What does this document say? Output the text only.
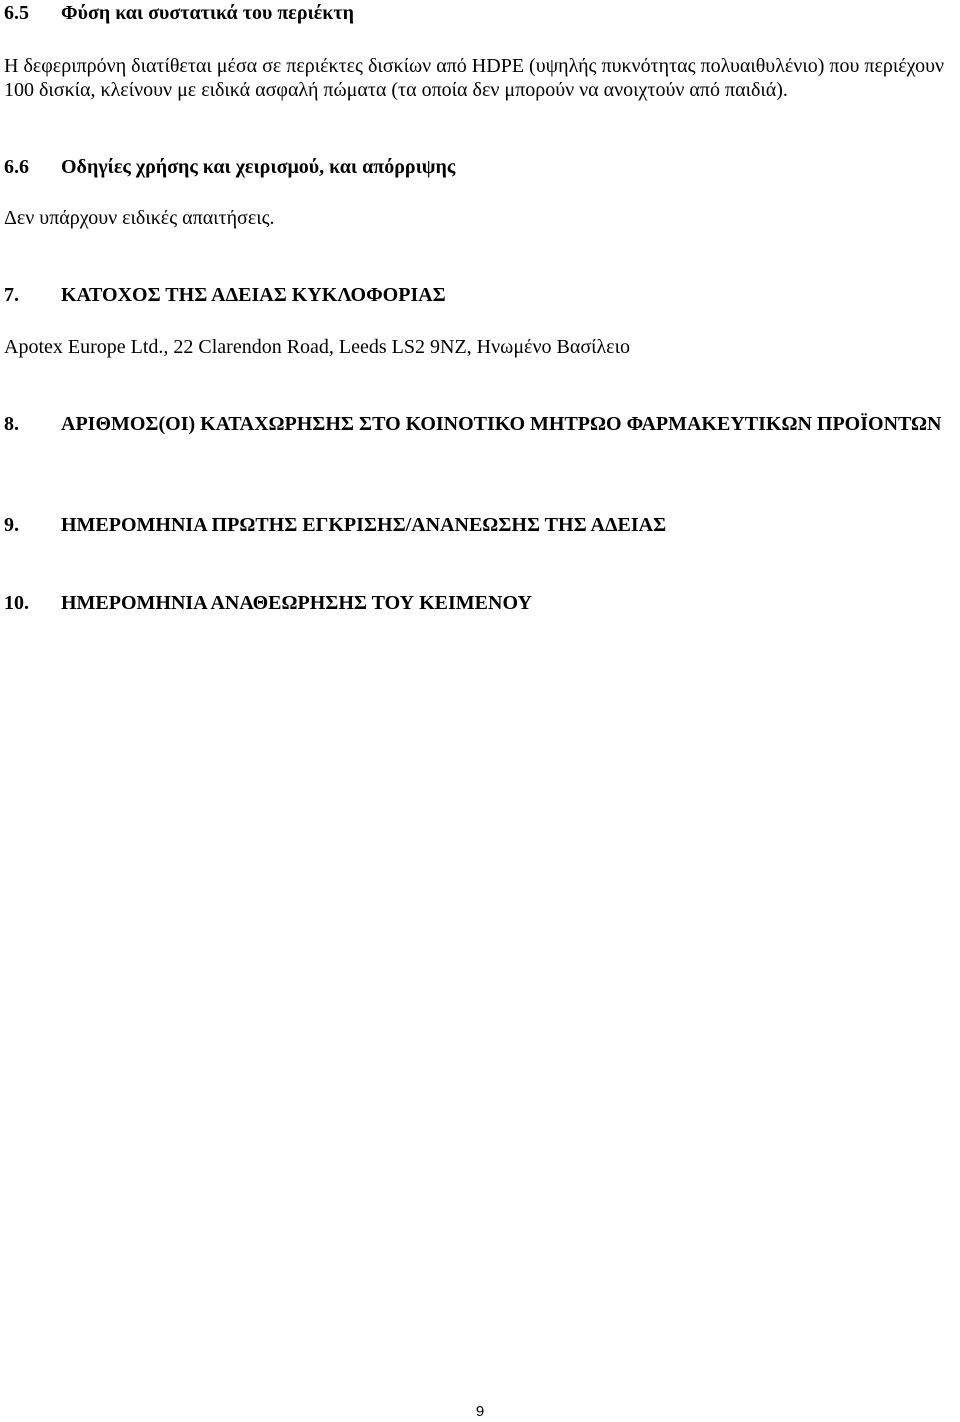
6.5 Φύση και συστατικά του περιέκτη

Η δεφεριπρόνη διατίθεται μέσα σε περιέκτες δισκίων από HDPE (υψηλής πυκνότητας πολυαιθυλένιο) που περιέχουν 100 δισκία, κλείνουν με ειδικά ασφαλή πώματα (τα οποία δεν μπορούν να ανοιχτούν από παιδιά).

6.6 Οδηγίες χρήσης και χειρισμού, και απόρριψης

Δεν υπάρχουν ειδικές απαιτήσεις.

7. ΚΑΤΟΧΟΣ ΤΗΣ ΑΔΕΙΑΣ ΚΥΚΛΟΦΟΡΙΑΣ

Apotex Europe Ltd., 22 Clarendon Road, Leeds LS2 9NZ, Ηνωμένο Βασίλειο

8.	ΑΡΙΘΜΟΣ(ΟΙ) ΚΑΤΑΧΩΡΗΣΗΣ ΣΤΟ ΚΟΙΝΟΤΙΚΟ ΜΗΤΡΩΟ ΦΑΡΜΑΚΕΥΤΙΚΩΝ ΠΡΟΪΟΝΤΩΝ
9. ΗΜΕΡΟΜΗΝΙΑ ΠΡΩΤΗΣ ΕΓΚΡΙΣΗΣ/ΑΝΑΝΕΩΣΗΣ ΤΗΣ ΑΔΕΙΑΣ
10. ΗΜΕΡΟΜΗΝΙΑ ΑΝΑΘΕΩΡΗΣΗΣ ΤΟΥ ΚΕΙΜΕΝΟΥ
9
